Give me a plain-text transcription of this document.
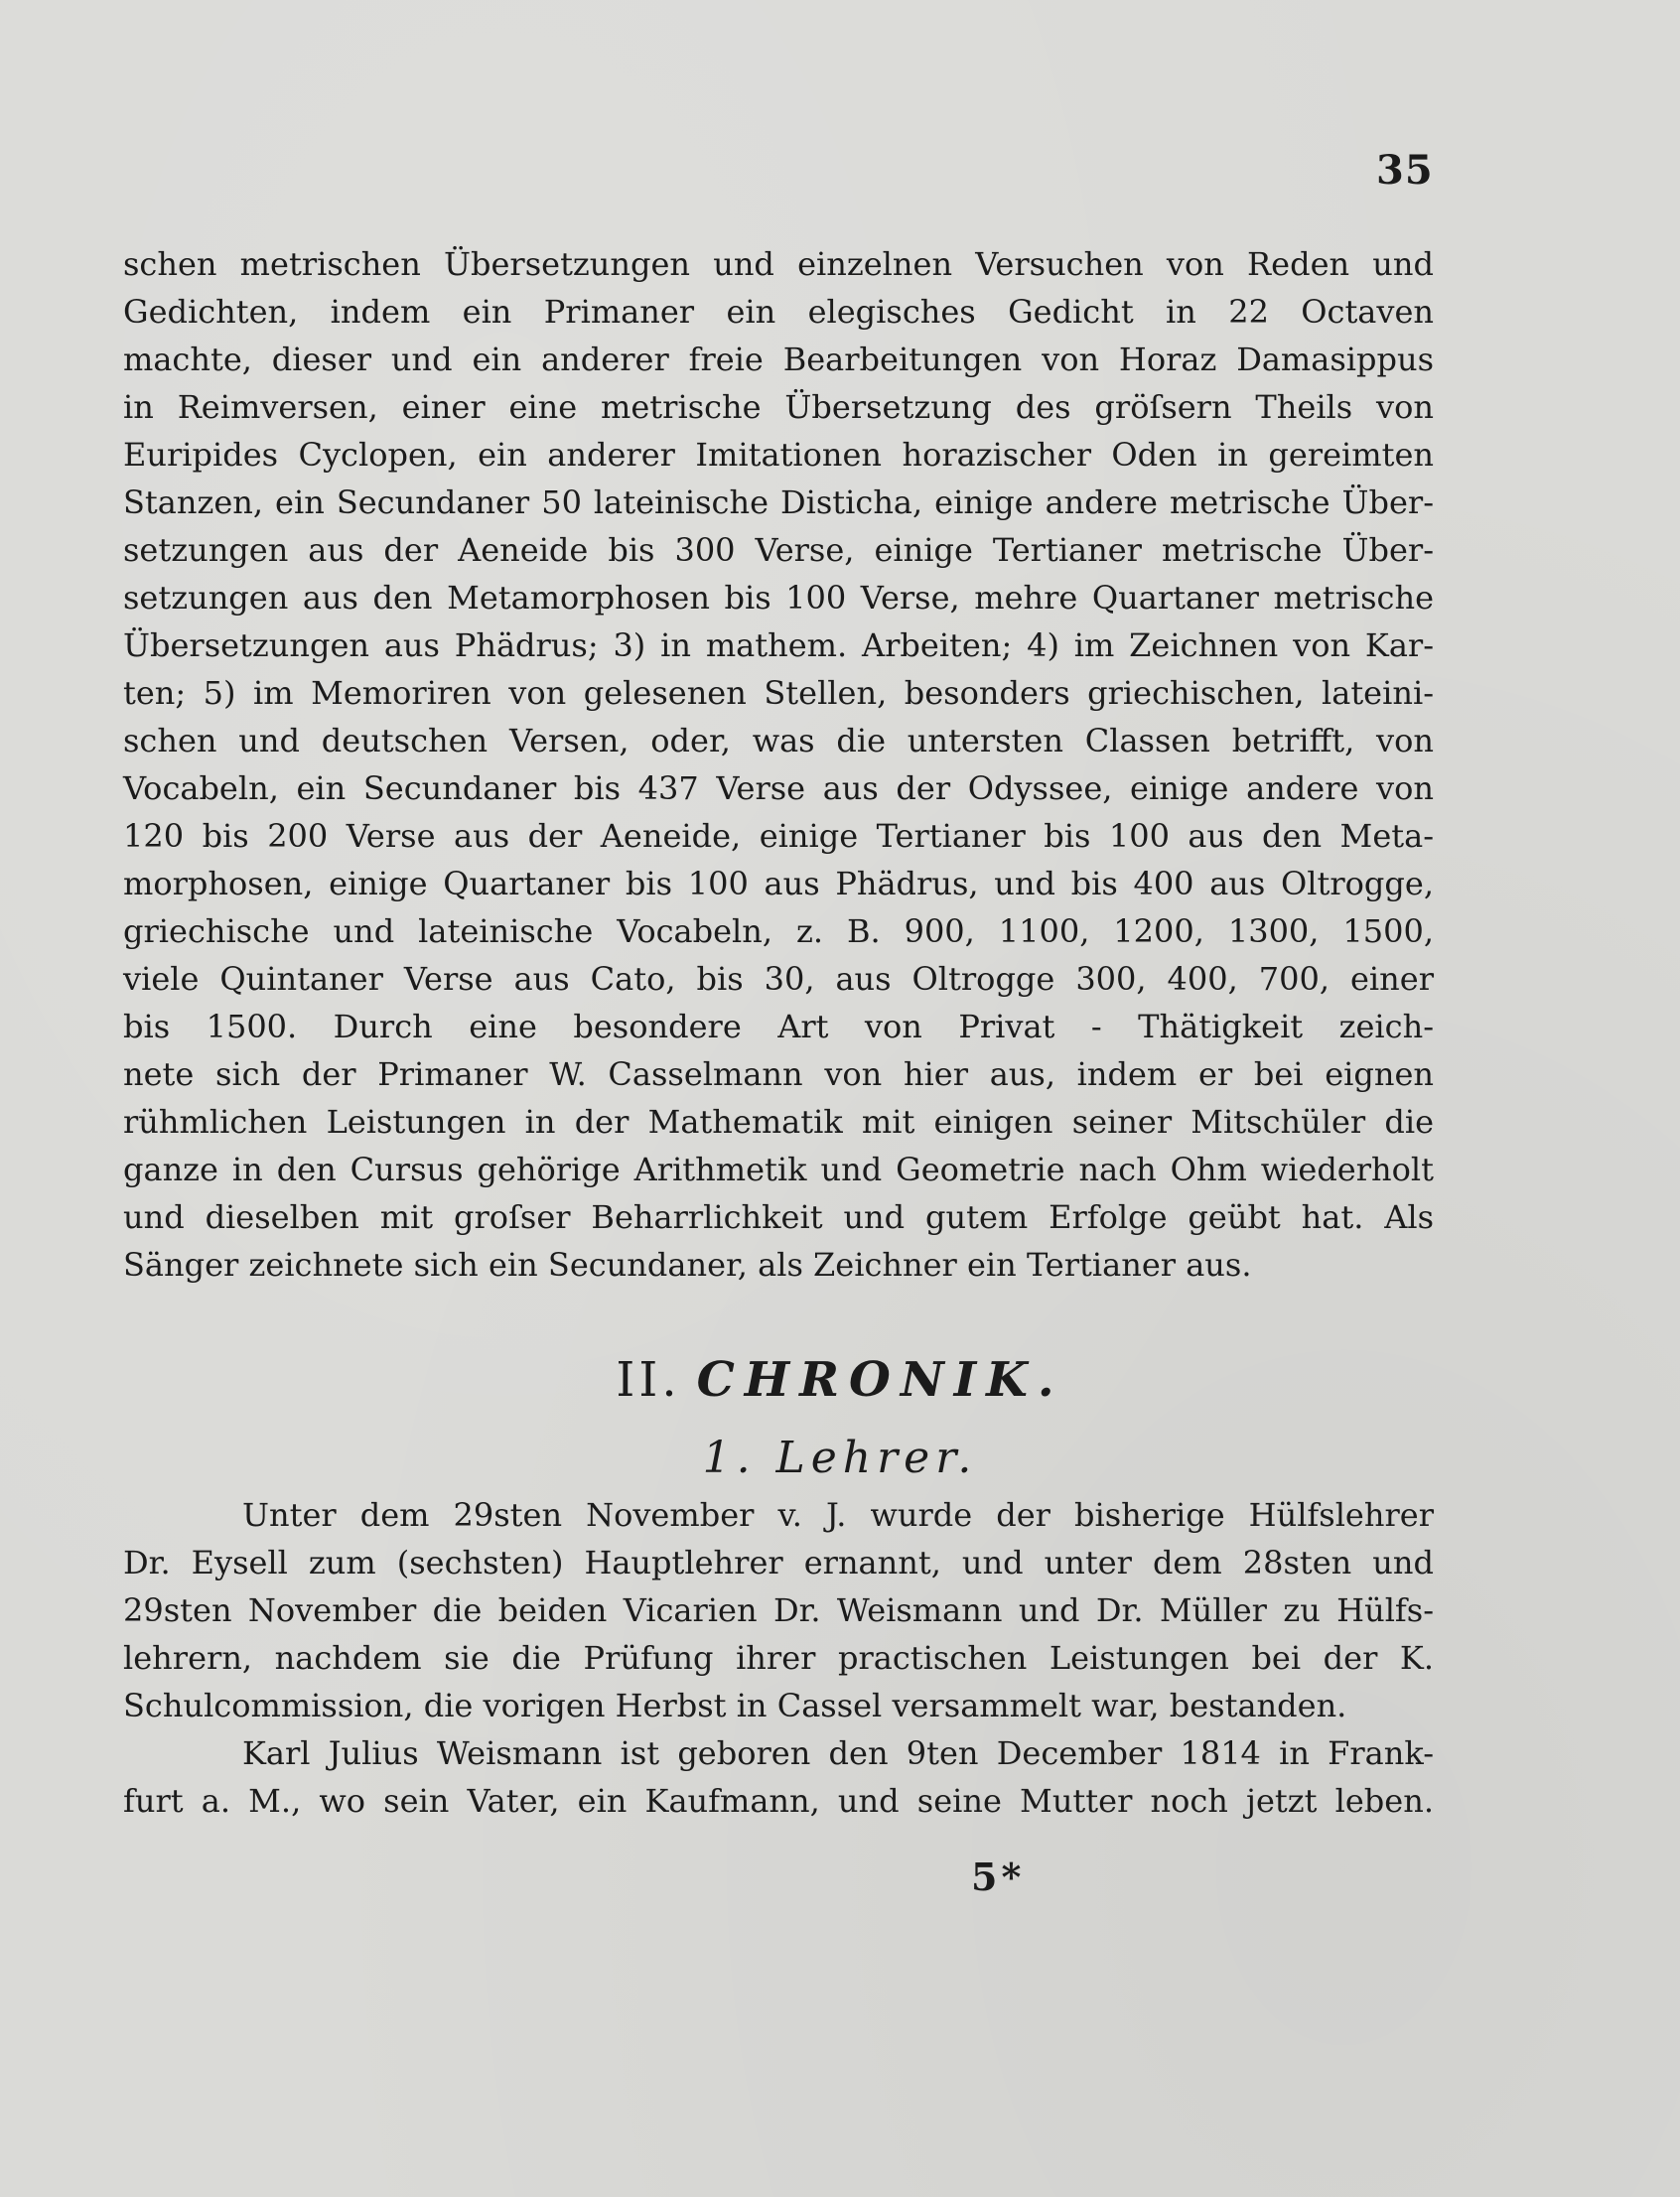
35
schen metrischen Übersetzungen und einzelnen Versuchen von Reden und
Gedichten, indem ein Primaner ein elegisches Gedicht in 22 Octaven
machte, dieser und ein anderer freie Bearbeitungen von Horaz Damasippus
in Reimversen, einer eine metrische Übersetzung des gröſsern Theils von
Euripides Cyclopen, ein anderer Imitationen horazischer Oden in gereimten
Stanzen, ein Secundaner 50 lateinische Disticha, einige andere metrische Über-
setzungen aus der Aeneide bis 300 Verse, einige Tertianer metrische Über-
setzungen aus den Metamorphosen bis 100 Verse, mehre Quartaner metrische
Übersetzungen aus Phädrus; 3) in mathem. Arbeiten; 4) im Zeichnen von Kar-
ten; 5) im Memoriren von gelesenen Stellen, besonders griechischen, lateini-
schen und deutschen Versen, oder, was die untersten Classen betrifft, von
Vocabeln, ein Secundaner bis 437 Verse aus der Odyssee, einige andere von
120 bis 200 Verse aus der Aeneide, einige Tertianer bis 100 aus den Meta-
morphosen, einige Quartaner bis 100 aus Phädrus, und bis 400 aus Oltrogge,
griechische und lateinische Vocabeln, z. B. 900, 1100, 1200, 1300, 1500,
viele Quintaner Verse aus Cato, bis 30, aus Oltrogge 300, 400, 700, einer
bis 1500. Durch eine besondere Art von Privat - Thätigkeit zeich-
nete sich der Primaner W. Casselmann von hier aus, indem er bei eignen
rühmlichen Leistungen in der Mathematik mit einigen seiner Mitschüler die
ganze in den Cursus gehörige Arithmetik und Geometrie nach Ohm wiederholt
und dieselben mit groſser Beharrlichkeit und gutem Erfolge geübt hat. Als
Sänger zeichnete sich ein Secundaner, als Zeichner ein Tertianer aus.
II. CHRONIK.
1. Lehrer.
Unter dem 29sten November v. J. wurde der bisherige Hülfslehrer
Dr. Eysell zum (sechsten) Hauptlehrer ernannt, und unter dem 28sten und
29sten November die beiden Vicarien Dr. Weismann und Dr. Müller zu Hülfs-
lehrern, nachdem sie die Prüfung ihrer practischen Leistungen bei der K.
Schulcommission, die vorigen Herbst in Cassel versammelt war, bestanden.
Karl Julius Weismann ist geboren den 9ten December 1814 in Frank-
furt a. M., wo sein Vater, ein Kaufmann, und seine Mutter noch jetzt leben.
5*
